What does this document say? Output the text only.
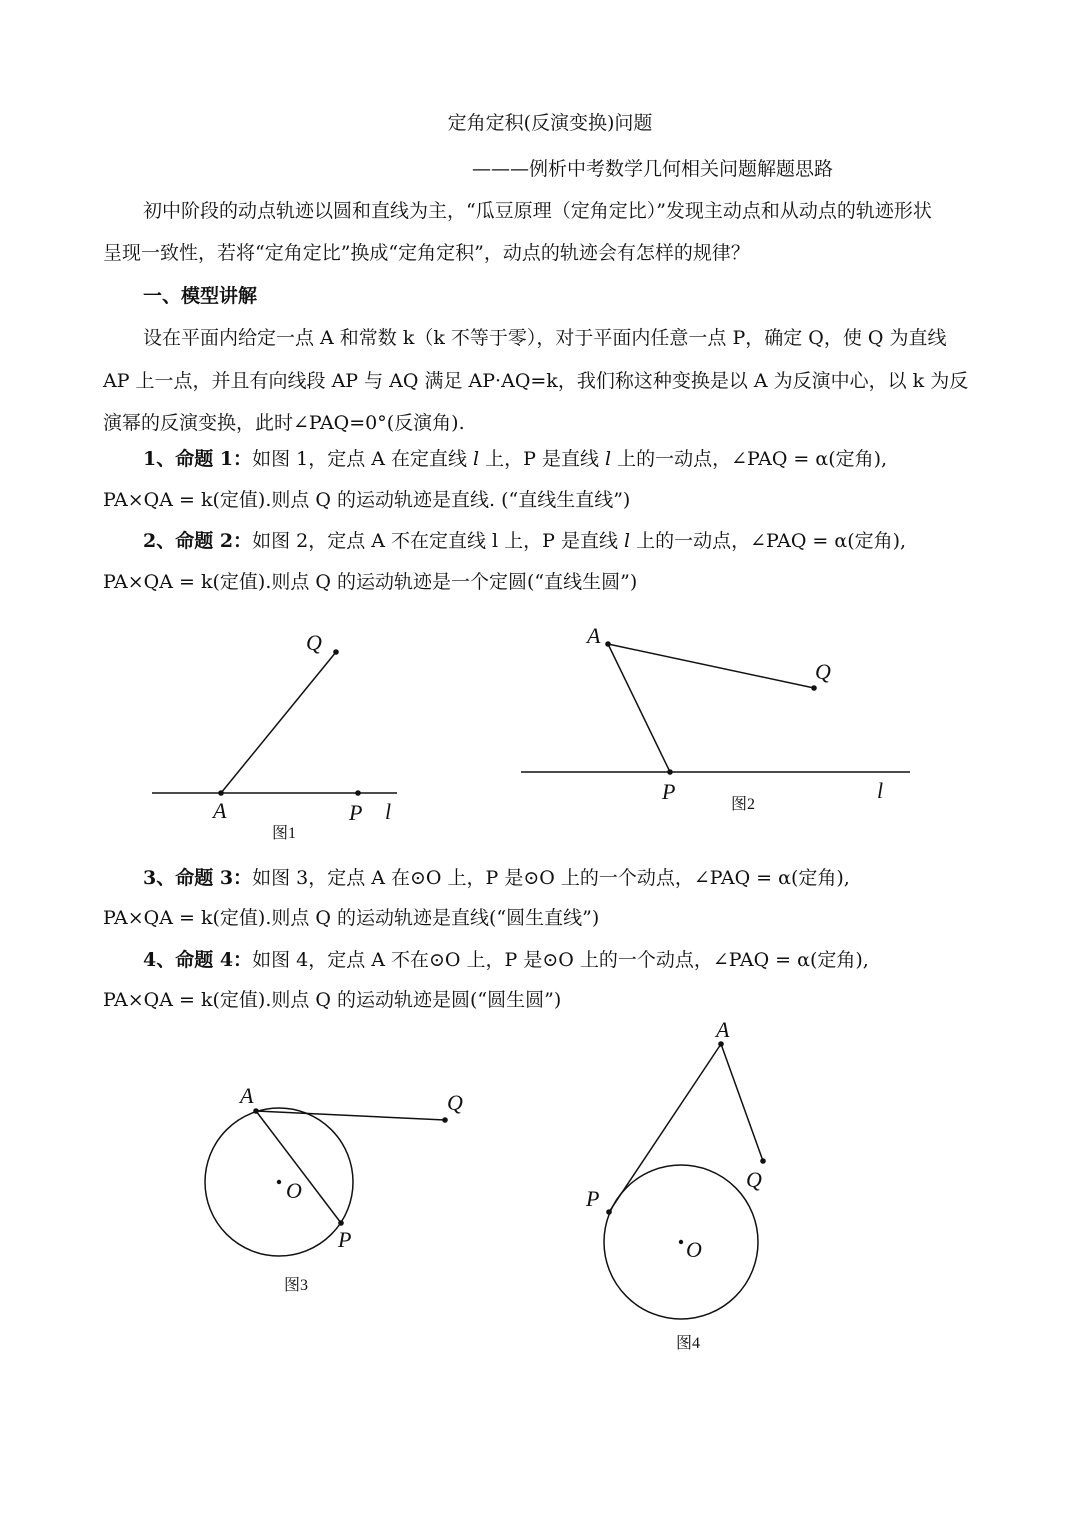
定角定积(反演变换)问题
———例析中考数学几何相关问题解题思路
初中阶段的动点轨迹以圆和直线为主，“瓜豆原理（定角定比）”发现主动点和从动点的轨迹形状
呈现一致性，若将“定角定比”换成“定角定积”，动点的轨迹会有怎样的规律？
一、模型讲解
设在平面内给定一点 A 和常数 k（k 不等于零），对于平面内任意一点 P，确定 Q，使 Q 为直线
AP 上一点，并且有向线段 AP 与 AQ 满足 AP·AQ=k，我们称这种变换是以 A 为反演中心，以 k 为反
演幂的反演变换，此时∠PAQ=0°(反演角).
1、命题 1：如图 1，定点 A 在定直线 l 上，P 是直线 l 上的一动点，∠PAQ = α(定角),
PA×QA = k(定值).则点 Q 的运动轨迹是直线. (“直线生直线”)
2、命题 2：如图 2，定点 A 不在定直线 l 上，P 是直线 l 上的一动点，∠PAQ = α(定角),
PA×QA = k(定值).则点 Q 的运动轨迹是一个定圆(“直线生圆”)
Q
A	P l
图1
A
Q
P	l
图2
3、命题 3：如图 3，定点 A 在⊙O 上，P 是⊙O 上的一个动点，∠PAQ = α(定角),
PA×QA = k(定值).则点 Q 的运动轨迹是直线(“圆生直线”)
4、命题 4：如图 4，定点 A 不在⊙O 上，P 是⊙O 上的一个动点，∠PAQ = α(定角),
PA×QA = k(定值).则点 Q 的运动轨迹是圆(“圆生圆”)
A	Q
O
P
图3
A
Q
P
O
图4
